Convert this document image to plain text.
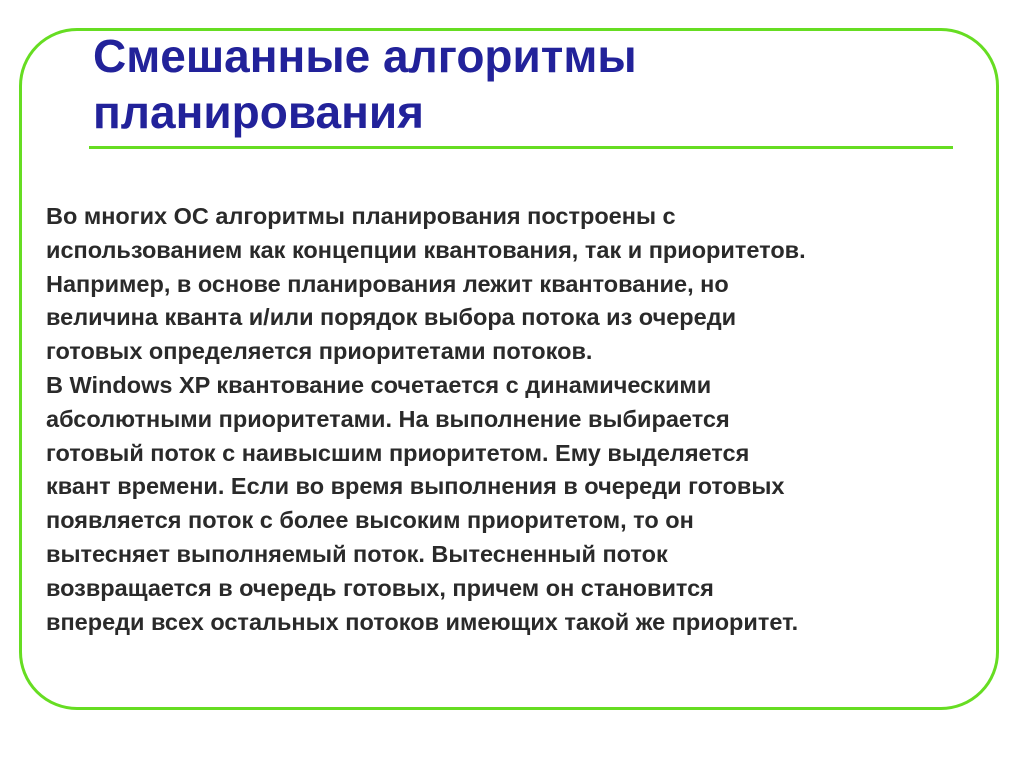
Смешанные алгоритмы
планирования

Во многих ОС алгоритмы планирования построены с
использованием как концепции квантования, так и приоритетов.
Например, в основе планирования лежит квантование, но
величина кванта и/или порядок выбора потока из очереди
готовых определяется приоритетами потоков.
В Windows XP квантование сочетается с динамическими
абсолютными приоритетами. На выполнение выбирается
готовый поток с наивысшим приоритетом. Ему выделяется
квант времени. Если во время выполнения в очереди готовых
появляется поток с более высоким приоритетом, то он
вытесняет выполняемый поток. Вытесненный поток
возвращается в очередь готовых, причем он становится
впереди всех остальных потоков имеющих такой же приоритет.
